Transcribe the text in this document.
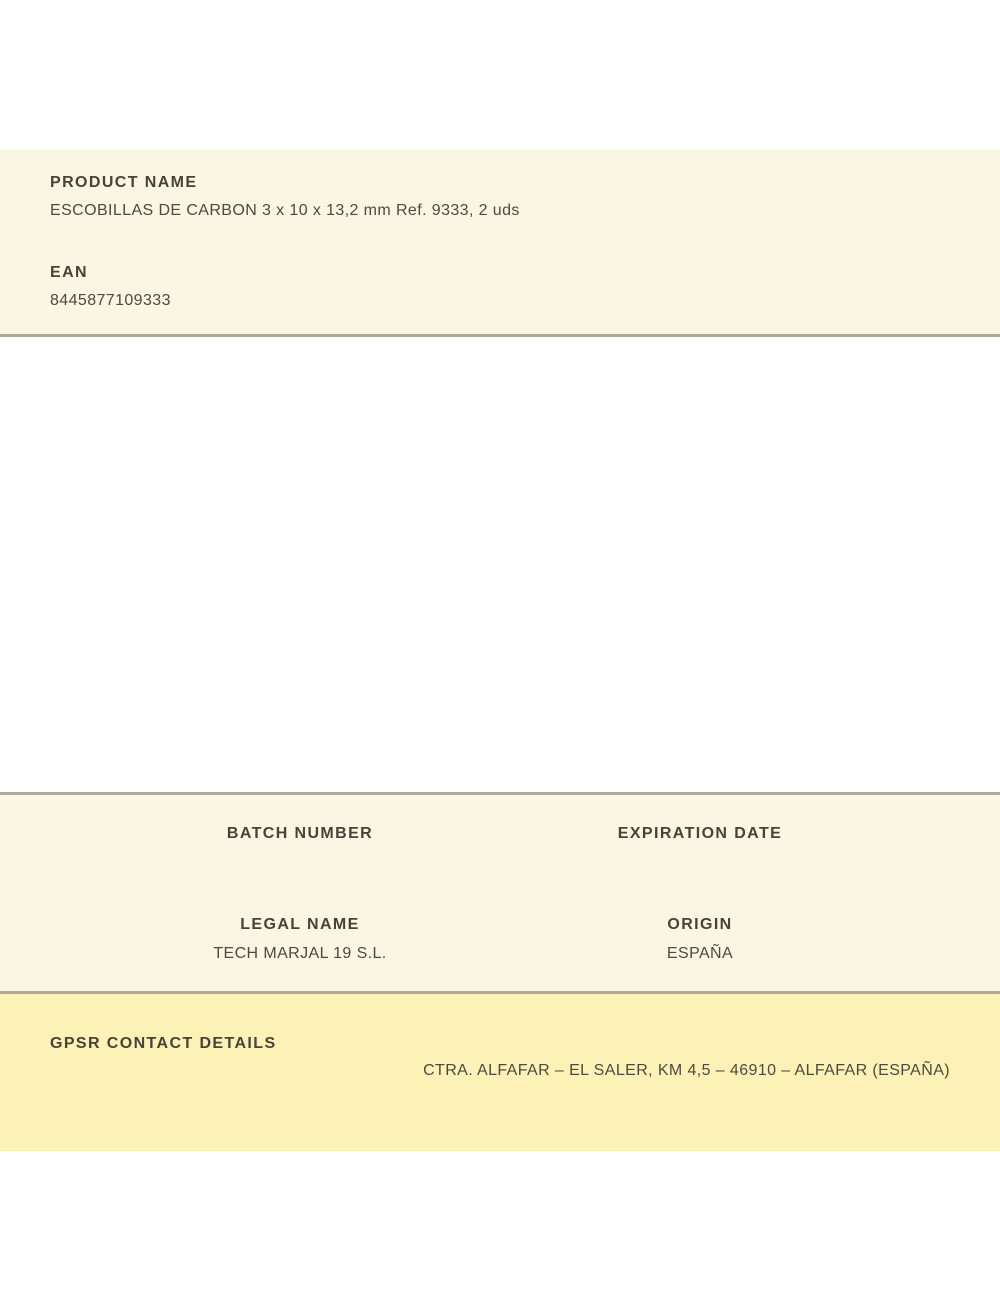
PRODUCT NAME
ESCOBILLAS DE CARBON 3 x 10 x 13,2 mm Ref. 9333, 2 uds
EAN
8445877109333
BATCH NUMBER	EXPIRATION DATE
LEGAL NAME
TECH MARJAL 19 S.L.
ORIGIN
ESPAÑA
GPSR CONTACT DETAILS
CTRA. ALFAFAR – EL SALER, KM 4,5 – 46910 – ALFAFAR (ESPAÑA)
